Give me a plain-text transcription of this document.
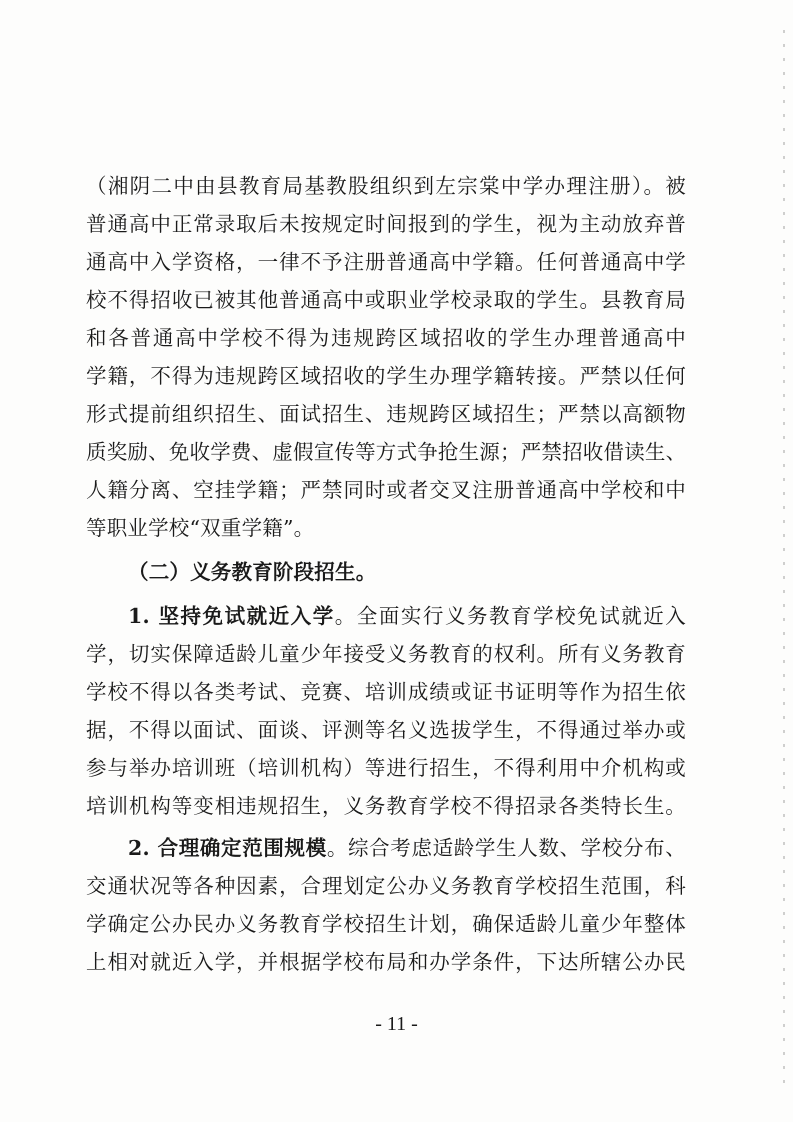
（湘阴二中由县教育局基教股组织到左宗棠中学办理注册）。被
普通高中正常录取后未按规定时间报到的学生，视为主动放弃普
通高中入学资格，一律不予注册普通高中学籍。任何普通高中学
校不得招收已被其他普通高中或职业学校录取的学生。县教育局
和各普通高中学校不得为违规跨区域招收的学生办理普通高中
学籍，不得为违规跨区域招收的学生办理学籍转接。严禁以任何
形式提前组织招生、面试招生、违规跨区域招生；严禁以高额物
质奖励、免收学费、虚假宣传等方式争抢生源；严禁招收借读生、
人籍分离、空挂学籍；严禁同时或者交叉注册普通高中学校和中
等职业学校“双重学籍”。
（二）义务教育阶段招生。
1. 坚持免试就近入学。全面实行义务教育学校免试就近入
学，切实保障适龄儿童少年接受义务教育的权利。所有义务教育
学校不得以各类考试、竞赛、培训成绩或证书证明等作为招生依
据，不得以面试、面谈、评测等名义选拔学生，不得通过举办或
参与举办培训班（培训机构）等进行招生，不得利用中介机构或
培训机构等变相违规招生，义务教育学校不得招录各类特长生。
2. 合理确定范围规模。综合考虑适龄学生人数、学校分布、
交通状况等各种因素，合理划定公办义务教育学校招生范围，科
学确定公办民办义务教育学校招生计划，确保适龄儿童少年整体
上相对就近入学，并根据学校布局和办学条件，下达所辖公办民
- 11 -
